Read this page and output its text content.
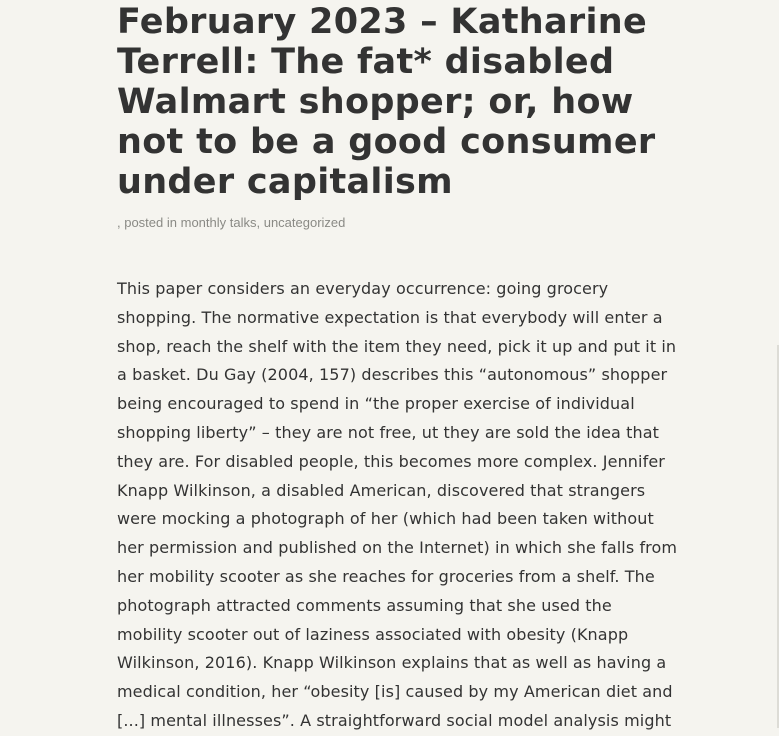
February 2023 – Katharine Terrell: The fat* disabled Walmart shopper; or, how not to be a good consumer under capitalism
, posted in monthly talks, uncategorized

This paper considers an everyday occurrence: going grocery shopping. The normative expectation is that everybody will enter a shop, reach the shelf with the item they need, pick it up and put it in a basket. Du Gay (2004, 157) describes this “autonomous” shopper being encouraged to spend in “the proper exercise of individual shopping liberty” – they are not free, ut they are sold the idea that they are. For disabled people, this becomes more complex. Jennifer Knapp Wilkinson, a disabled American, discovered that strangers were mocking a photograph of her (which had been taken without her permission and published on the Internet) in which she falls from her mobility scooter as she reaches for groceries from a shelf. The photograph attracted comments assuming that she used the mobility scooter out of laziness associated with obesity (Knapp Wilkinson, 2016). Knapp Wilkinson explains that as well as having a medical condition, her “obesity [is] caused by my American diet and [...] mental illnesses”. A straightforward social model analysis might
